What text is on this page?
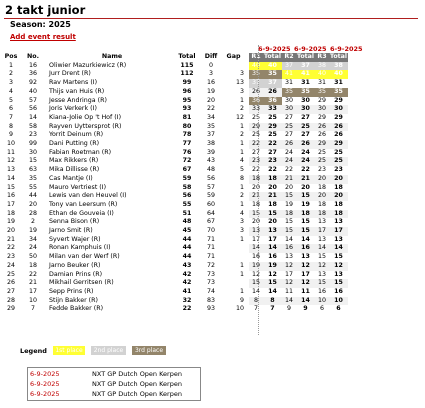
2 takt junior
Season: 2025
Add event result
6-9-2025 6-9-2025 6-9-2025
Pos	No.	Name	Total	Diff	Gap		R1	Total	R2	Total	R3	Total
1	16	Oliwier Mazurkiewicz (R)	115	0			40	40	37	37	38	38
2	36	Jurr Drent (R)	112	3	3		35	35	41	41	40	40
3	92	Rav Martens (I)	99	16	13		37	37	31	31	31	31
4	40	Thijs van Huis (R)	96	19	3		26	26	35	35	35	35
5	57	Jesse Andringa (R)	95	20	1		36	36	30	30	29	29
6	56	Joris Verkerk (I)	93	22	2		33	33	30	30	30	30
7	14	Kiana-Jolie Op 't Hof (I)	81	34	12		25	25	27	27	29	29
8	58	Rayven Uyttersprot (R)	80	35	1		29	29	25	25	26	26
9	23	Yorrit Deinum (R)	78	37	2		25	25	27	27	26	26
10	99	Dani Putting (R)	77	38	1		22	22	26	26	29	29
11	30	Fabian Roetman (R)	76	39	1		27	27	24	24	25	25
12	15	Max Rikkers (R)	72	43	4		23	23	24	24	25	25
13	63	Mika Dillisse (R)	67	48	5		22	22	22	22	23	23
14	35	Cas Mantje (I)	59	56	8		18	18	21	21	20	20
15	55	Mauro Vertriest (I)	58	57	1		20	20	20	20	18	18
16	44	Lewis van den Heuvel (I)	56	59	2		21	21	15	15	20	20
17	20	Tony van Leersum (R)	55	60	1		18	18	19	19	18	18
18	28	Ethan de Gouveia (I)	51	64	4		15	15	18	18	18	18
19	2	Senna Bison (R)	48	67	3		20	20	15	15	13	13
20	19	Jarno Smit (R)	45	70	3		13	13	15	15	17	17
21	34	Syvert Wajer (R)	44	71	1		17	17	14	14	13	13
22	24	Ronan Kamphuis (I)	44	71			14	14	16	16	14	14
23	50	Milan van der Werf (R)	44	71			16	16	13	13	15	15
24	18	Jarno Beuker (R)	43	72	1		19	19	12	12	12	12
25	22	Damian Prins (R)	42	73	1		12	12	17	17	13	13
26	21	Mikhail Gerritsen (R)	42	73			15	15	12	12	15	15
27	17	Sepp Prins (R)	41	74	1		14	14	11	11	16	16
28	10	Stijn Bakker (R)	32	83	9		8	8	14	14	10	10
29	7	Fedde Bakker (R)	22	93	10		7	7	9	9	6	6
Legend	1st place	2nd place	3rd place
6-9-2025	NXT GP Dutch Open Kerpen
6-9-2025	NXT GP Dutch Open Kerpen
6-9-2025	NXT GP Dutch Open Kerpen
